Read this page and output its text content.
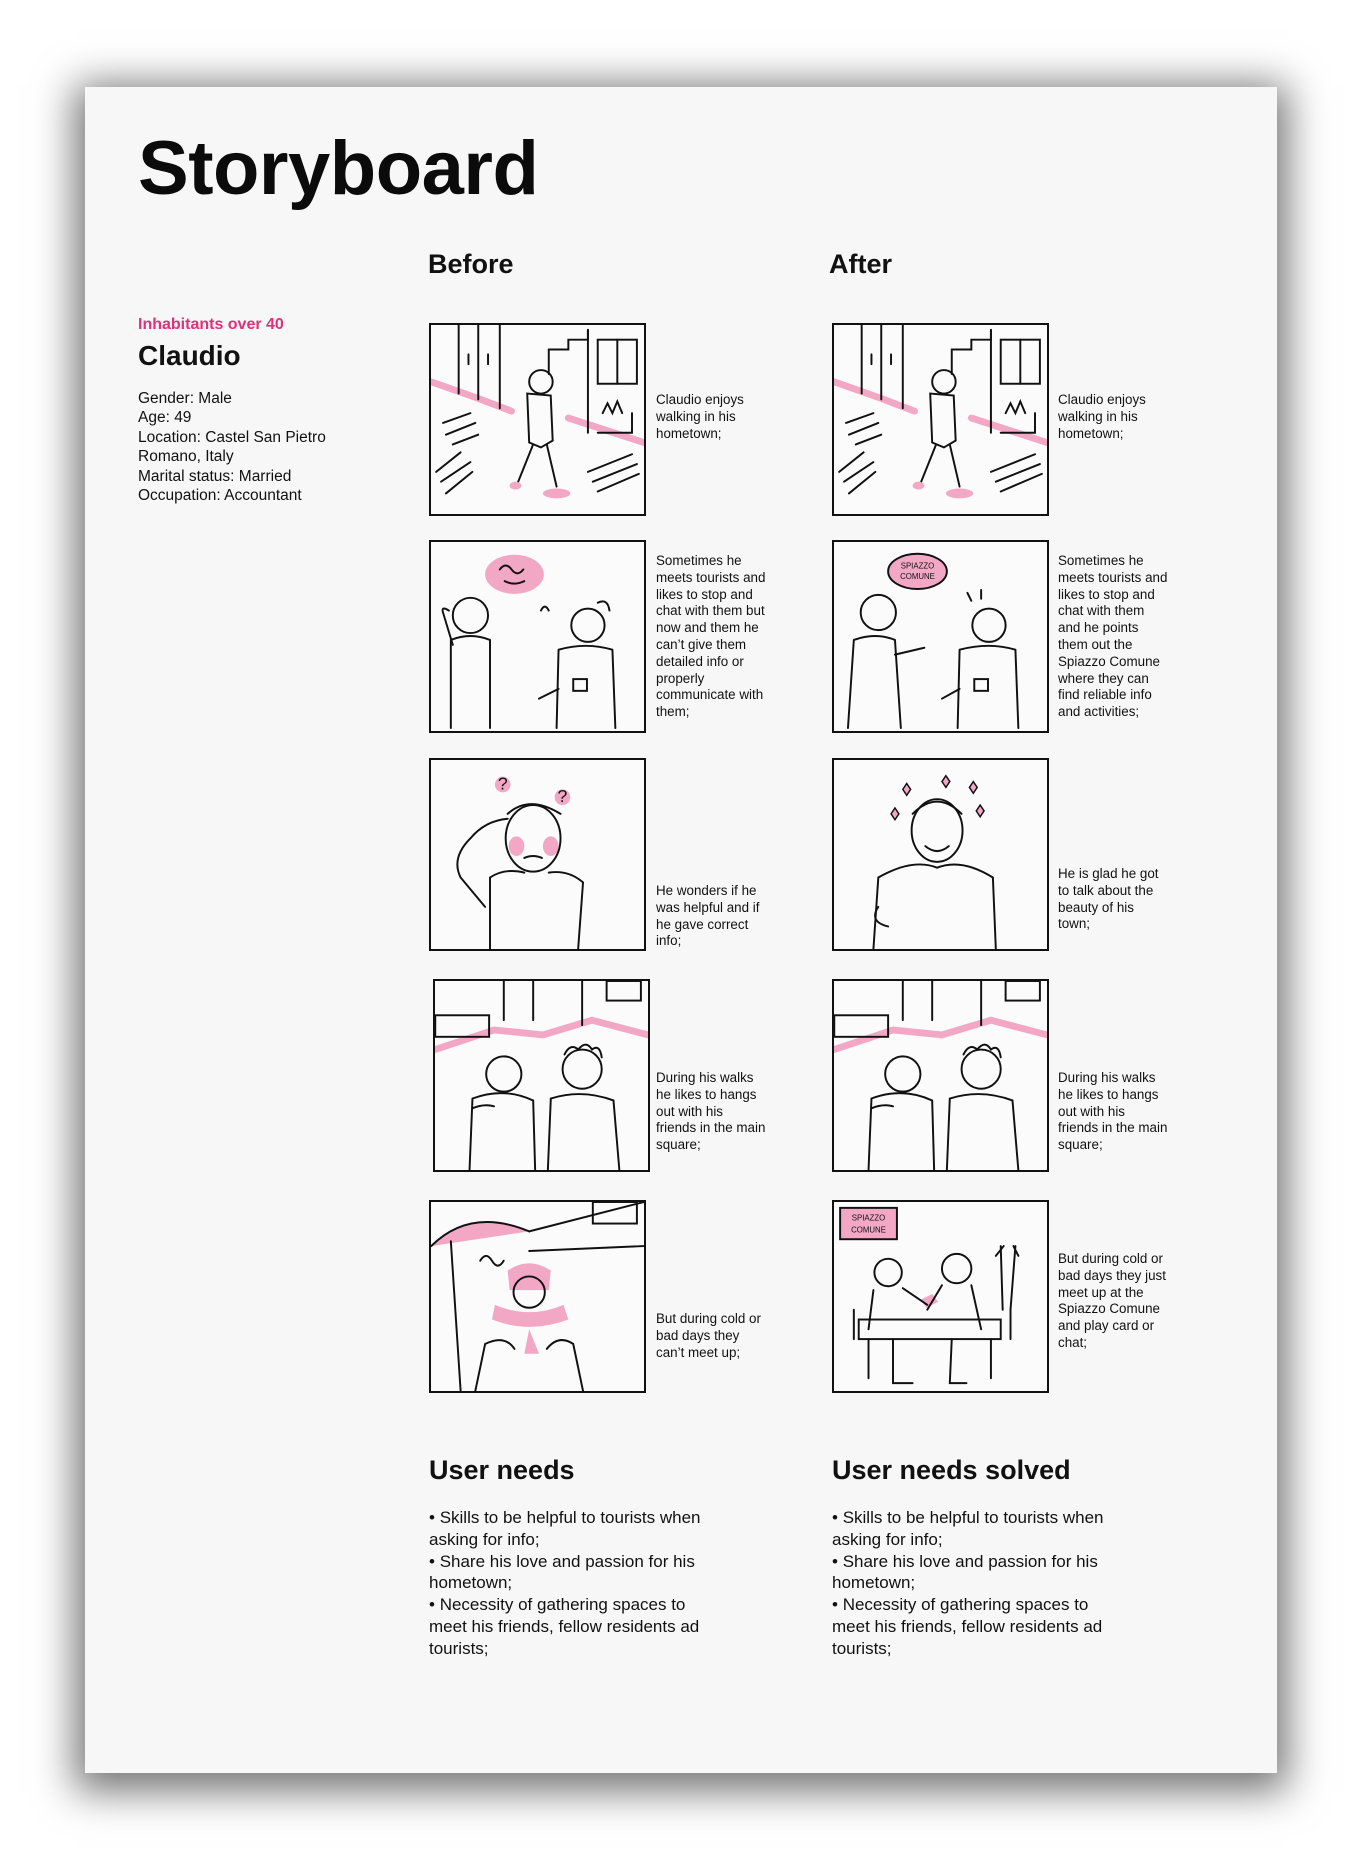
Storyboard
Before	After
Inhabitants over 40
Claudio
Gender: Male
Age: 49
Location: Castel San Pietro Romano, Italy
Marital status: Married
Occupation: Accountant
Claudio enjoys walking in his hometown;
Sometimes he meets tourists and likes to stop and chat with them but now and them he can’t give them detailed info or properly communicate with them;
?
?
He wonders if he was helpful and if he gave correct info;
During his walks he likes to hangs out with his friends in the main square;
But during cold or bad days they can’t meet up;
Claudio enjoys walking in his hometown;
SPIAZZO
COMUNE
Sometimes he meets tourists and likes to stop and chat with them and he points them out the Spiazzo Comune where they can find reliable info and activities;
He is glad he got to talk about the beauty of his town;
During his walks he likes to hangs out with his friends in the main square;
SPIAZZO
COMUNE
But during cold or bad days they just meet up at the Spiazzo Comune and play card or chat;
User needs
• Skills to be helpful to tourists when asking for info;
• Share his love and passion for his hometown;
• Necessity of gathering spaces to meet his friends, fellow residents ad tourists;
User needs solved
• Skills to be helpful to tourists when asking for info;
• Share his love and passion for his hometown;
• Necessity of gathering spaces to meet his friends, fellow residents ad tourists;
